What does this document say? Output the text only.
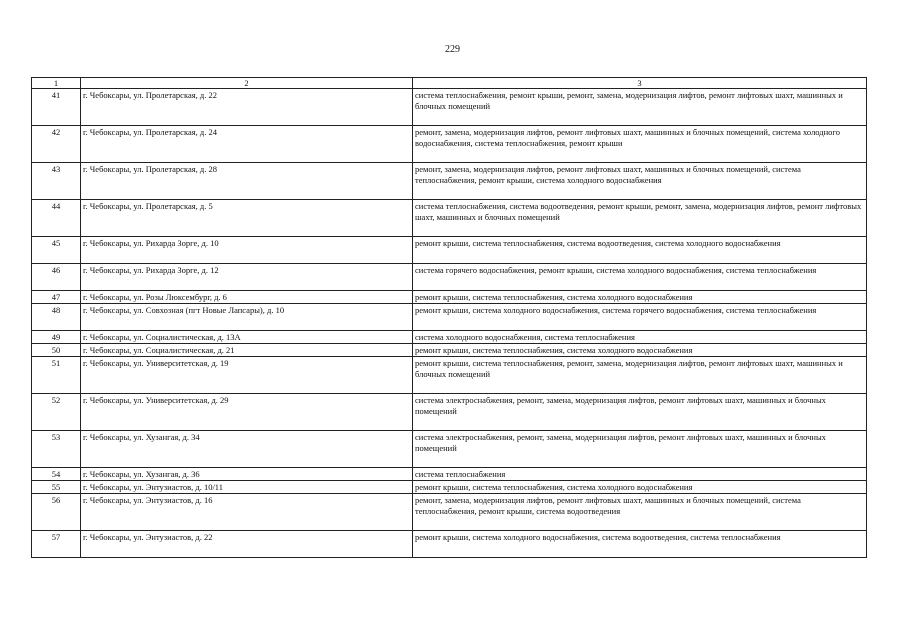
229
1	2	3
41	г. Чебоксары, ул. Пролетарская, д. 22	система теплоснабжения, ремонт крыши, ремонт, замена, модернизация лифтов, ремонт лифтовых шахт, машинных и блочных помещений
42	г. Чебоксары, ул. Пролетарская, д. 24	ремонт, замена, модернизация лифтов, ремонт лифтовых шахт, машинных и блочных помещений, система холодного водоснабжения, система теплоснабжения, ремонт крыши
43	г. Чебоксары, ул. Пролетарская, д. 28	ремонт, замена, модернизация лифтов, ремонт лифтовых шахт, машинных и блочных помещений, система теплоснабжения, ремонт крыши, система холодного водоснабжения
44	г. Чебоксары, ул. Пролетарская, д. 5	система теплоснабжения, система водоотведения, ремонт крыши, ремонт, замена, модернизация лифтов, ремонт лифтовых шахт, машинных и блочных помещений
45	г. Чебоксары, ул. Рихарда Зорге, д. 10	ремонт крыши, система теплоснабжения, система водоотведения, система холодного водоснабжения
46	г. Чебоксары, ул. Рихарда Зорге, д. 12	система горячего водоснабжения, ремонт крыши, система холодного водоснабжения, система теплоснабжения
47	г. Чебоксары, ул. Розы Люксембург, д. 6	ремонт крыши, система теплоснабжения, система холодного водоснабжения
48	г. Чебоксары, ул. Совхозная (пгт Новые Лапсары), д. 10	ремонт крыши, система холодного водоснабжения, система горячего водоснабжения, система теплоснабжения
49	г. Чебоксары, ул. Социалистическая, д. 13А	система холодного водоснабжения, система теплоснабжения
50	г. Чебоксары, ул. Социалистическая, д. 21	ремонт крыши, система теплоснабжения, система холодного водоснабжения
51	г. Чебоксары, ул. Университетская, д. 19	ремонт крыши, система теплоснабжения, ремонт, замена, модернизация лифтов, ремонт лифтовых шахт, машинных и блочных помещений
52	г. Чебоксары, ул. Университетская, д. 29	система электроснабжения, ремонт, замена, модернизация лифтов, ремонт лифтовых шахт, машинных и блочных помещений
53	г. Чебоксары, ул. Хузангая, д. 34	система электроснабжения, ремонт, замена, модернизация лифтов, ремонт лифтовых шахт, машинных и блочных помещений
54	г. Чебоксары, ул. Хузангая, д. 36	система теплоснабжения
55	г. Чебоксары, ул. Энтузиастов, д. 10/11	ремонт крыши, система теплоснабжения, система холодного водоснабжения
56	г. Чебоксары, ул. Энтузиастов, д. 16	ремонт, замена, модернизация лифтов, ремонт лифтовых шахт, машинных и блочных помещений, система теплоснабжения, ремонт крыши, система водоотведения
57	г. Чебоксары, ул. Энтузиастов, д. 22	ремонт крыши, система холодного водоснабжения, система водоотведения, система теплоснабжения
